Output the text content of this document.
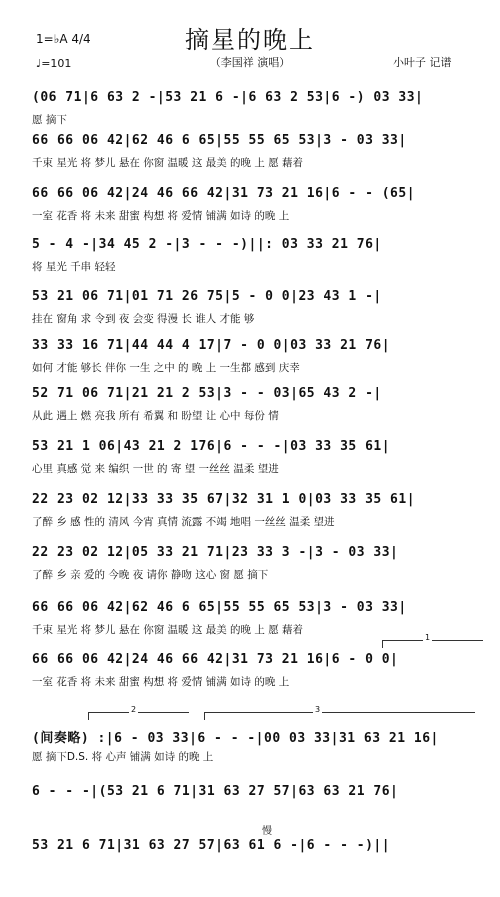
摘星的晚上
1=♭A 4/4
♩=101	（李国祥 演唱）	小叶子 记谱
(06 71|6 63 2 -|53 21 6 -|6 63 2 53|6 -) 03 33|
愿 摘下
66 66 06 42|62 46 6 65|55 55 65 53|3 - 03 33|
千束 星光 将 梦儿 悬在 你窗 温暖 这 最美 的晚 上 愿 藉着
66 66 06 42|24 46 66 42|31 73 21 16|6 - - (65|
一室 花香 将 未来 甜蜜 构想 将 爱情 铺满 如诗 的晚 上
5 - 4 -|34 45 2 -|3 - - -)||: 03 33 21 76|
将 星光 千串 轻轻
53 21 06 71|01 71 26 75|5 - 0 0|23 43 1 -|
挂在 窗角 求 令到 夜 会变 得漫 长 谁人 才能 够
33 33 16 71|44 44 4 17|7 - 0 0|03 33 21 76|
如何 才能 够长 伴你 一生 之中 的 晚 上 一生都 感到 庆幸
52 71 06 71|21 21 2 53|3 - - 03|65 43 2 -|
从此 遇上 燃 亮我 所有 希翼 和 盼望 让 心中 每份 情
53 21 1 06|43 21 2 176|6 - - -|03 33 35 61|
心里 真感 觉 来 编织 一世 的 寄 望 一丝丝 温柔 望进
22 23 02 12|33 33 35 67|32 31 1 0|03 33 35 61|
了醉 乡 感 性的 清风 今宵 真情 流露 不竭 地唱 一丝丝 温柔 望进
22 23 02 12|05 33 21 71|23 33 3 -|3 - 03 33|
了醉 乡 亲 爱的 今晚 夜 请你 静吻 这心 窗 愿 摘下
66 66 06 42|62 46 6 65|55 55 65 53|3 - 03 33|
千束 星光 将 梦儿 悬在 你窗 温暖 这 最美 的晚 上 愿 藉着
66 66 06 42|24 46 66 42|31 73 21 16|6 - 0 0|
一室 花香 将 未来 甜蜜 构想 将 爱情 铺满 如诗 的晚 上
(间奏略) :|6 - 03 33|6 - - -|00 03 33|31 63 21 16|
愿 摘下D.S. 将 心声 铺满 如诗 的晚 上
6 - - -|(53 21 6 71|31 63 27 57|63 63 21 76|
53 21 6 71|31 63 27 57|63 61 6 -|6 - - -)||
1
2	3
慢
